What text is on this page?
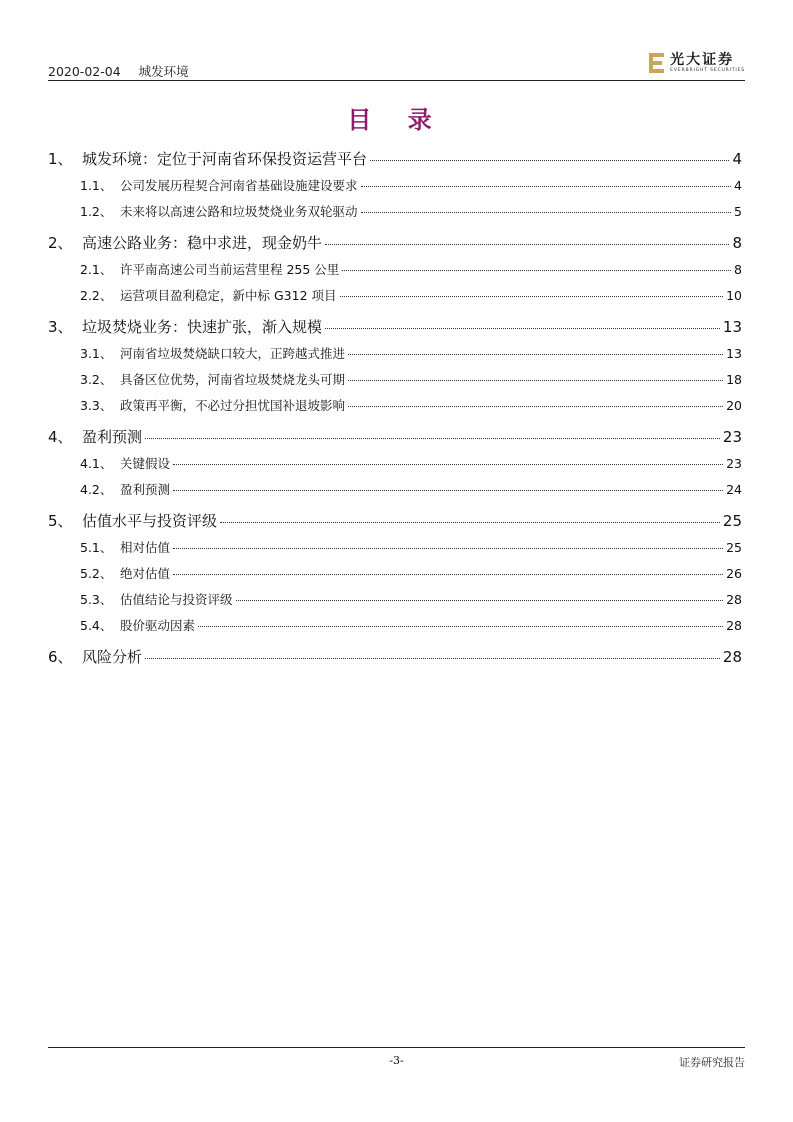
2020-02-04 城发环境
光大证券
EVERBRIGHT SECURITIES
目 录
1、 城发环境：定位于河南省环保投资运营平台	4
1.1、 公司发展历程契合河南省基础设施建设要求	4
1.2、 未来将以高速公路和垃圾焚烧业务双轮驱动	5
2、 高速公路业务：稳中求进，现金奶牛	8
2.1、 许平南高速公司当前运营里程 255 公里	8
2.2、 运营项目盈利稳定，新中标 G312 项目	10
3、 垃圾焚烧业务：快速扩张，渐入规模	13
3.1、 河南省垃圾焚烧缺口较大，正跨越式推进	13
3.2、 具备区位优势，河南省垃圾焚烧龙头可期	18
3.3、 政策再平衡，不必过分担忧国补退坡影响	20
4、 盈利预测	23
4.1、 关键假设	23
4.2、 盈利预测	24
5、 估值水平与投资评级	25
5.1、 相对估值	25
5.2、 绝对估值	26
5.3、 估值结论与投资评级	28
5.4、 股价驱动因素	28
6、 风险分析	28
-3-	证券研究报告
